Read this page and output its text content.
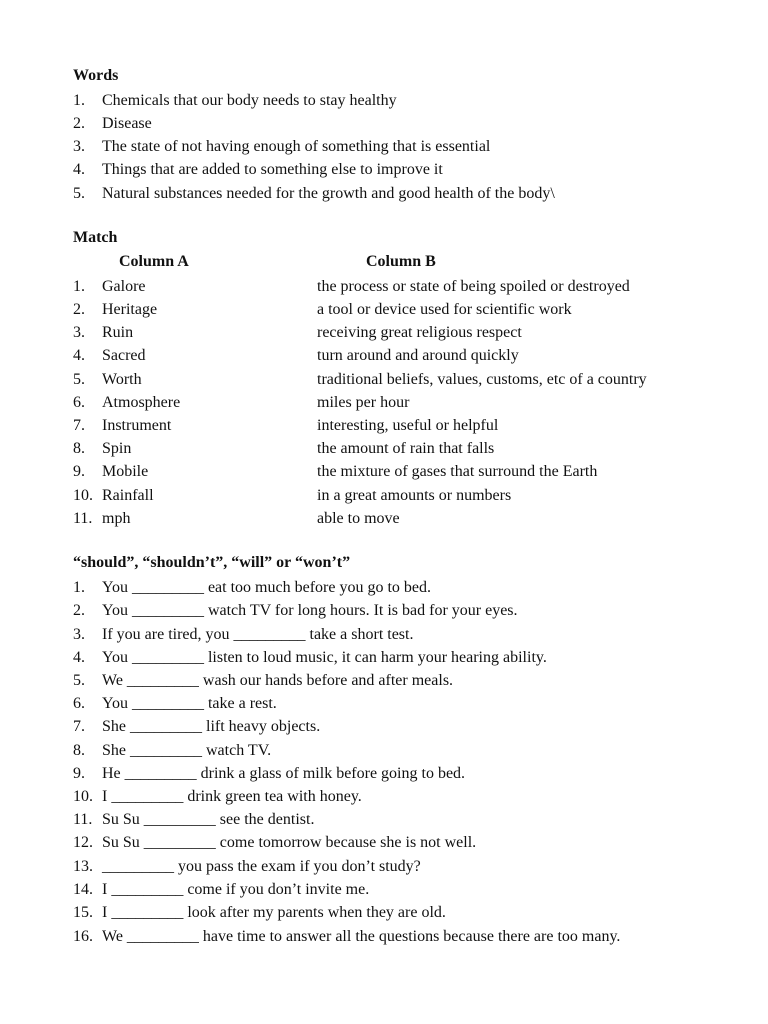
Words
1. Chemicals that our body needs to stay healthy
2. Disease
3. The state of not having enough of something that is essential
4. Things that are added to something else to improve it
5. Natural substances needed for the growth and good health of the body\
Match
Column A	Column B
1. Galore	the process or state of being spoiled or destroyed
2. Heritage	a tool or device used for scientific work
3. Ruin	receiving great religious respect
4. Sacred	turn around and around quickly
5. Worth	traditional beliefs, values, customs, etc of a country
6. Atmosphere	miles per hour
7. Instrument	interesting, useful or helpful
8. Spin	the amount of rain that falls
9. Mobile	the mixture of gases that surround the Earth
10. Rainfall	in a great amounts or numbers
11. mph	able to move
“should”, “shouldn’t”, “will” or “won’t”
1. You _________ eat too much before you go to bed.
2. You _________ watch TV for long hours. It is bad for your eyes.
3. If you are tired, you _________ take a short test.
4. You _________ listen to loud music, it can harm your hearing ability.
5. We _________ wash our hands before and after meals.
6. You _________ take a rest.
7. She _________ lift heavy objects.
8. She _________ watch TV.
9. He _________ drink a glass of milk before going to bed.
10. I _________ drink green tea with honey.
11. Su Su _________ see the dentist.
12. Su Su _________ come tomorrow because she is not well.
13. _________ you pass the exam if you don’t study?
14. I _________ come if you don’t invite me.
15. I _________ look after my parents when they are old.
16. We _________ have time to answer all the questions because there are too many.
